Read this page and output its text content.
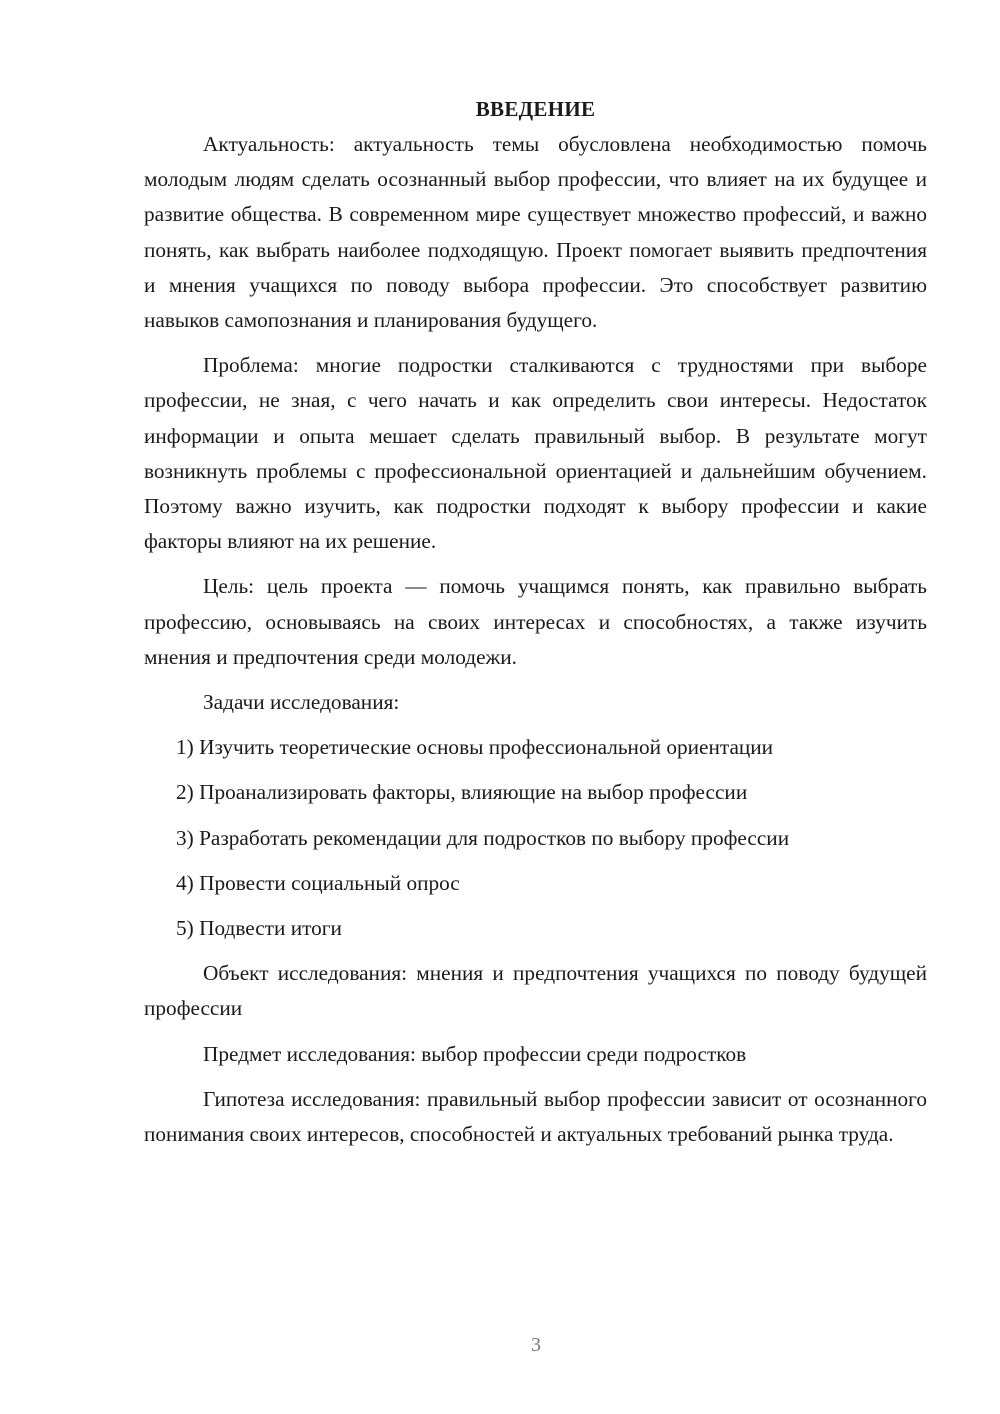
ВВЕДЕНИЕ

Актуальность: актуальность темы обусловлена необходимостью помочь молодым людям сделать осознанный выбор профессии, что влияет на их будущее и развитие общества. В современном мире существует множество профессий, и важно понять, как выбрать наиболее подходящую. Проект помогает выявить предпочтения и мнения учащихся по поводу выбора профессии. Это способствует развитию навыков самопознания и планирования будущего.

Проблема: многие подростки сталкиваются с трудностями при выборе профессии, не зная, с чего начать и как определить свои интересы. Недостаток информации и опыта мешает сделать правильный выбор. В результате могут возникнуть проблемы с профессиональной ориентацией и дальнейшим обучением. Поэтому важно изучить, как подростки подходят к выбору профессии и какие факторы влияют на их решение.

Цель: цель проекта — помочь учащимся понять, как правильно выбрать профессию, основываясь на своих интересах и способностях, а также изучить мнения и предпочтения среди молодежи.

Задачи исследования:

1) Изучить теоретические основы профессиональной ориентации

2) Проанализировать факторы, влияющие на выбор профессии

3) Разработать рекомендации для подростков по выбору профессии

4) Провести социальный опрос

5) Подвести итоги

Объект исследования: мнения и предпочтения учащихся по поводу будущей профессии

Предмет исследования: выбор профессии среди подростков

Гипотеза исследования: правильный выбор профессии зависит от осознанного понимания своих интересов, способностей и актуальных требований рынка труда.

3
